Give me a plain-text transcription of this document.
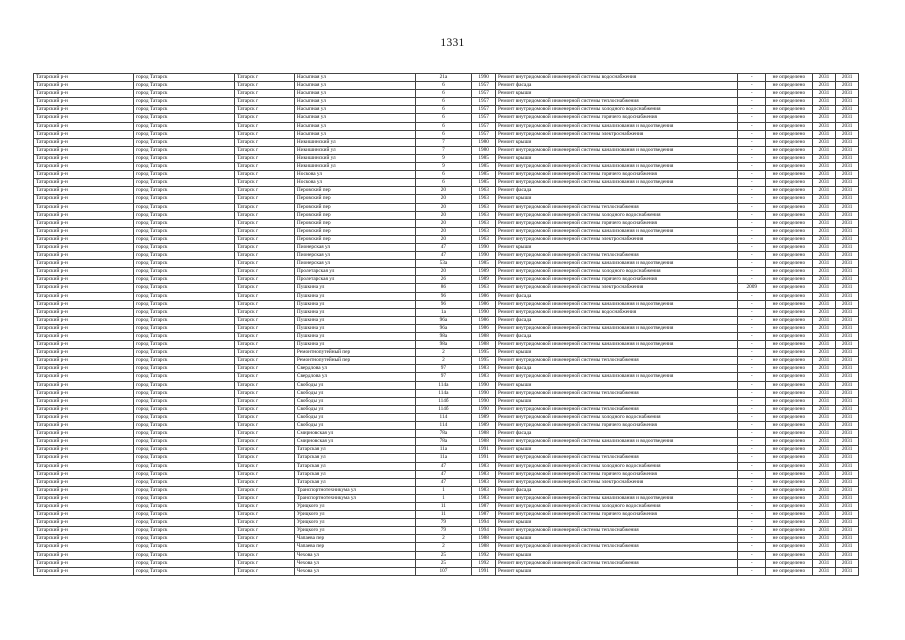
1331
Татарский р-н	город Татарск	Татарск г	Насыпная ул	21а	1990	Ремонт внутридомовой инженерной системы водоснабжения	-	не определено	2031	2031
Татарский р-н	город Татарск	Татарск г	Насыпная ул	6	1957	Ремонт фасада	-	не определено	2031	2031
Татарский р-н	город Татарск	Татарск г	Насыпная ул	6	1957	Ремонт крыши	-	не определено	2031	2031
Татарский р-н	город Татарск	Татарск г	Насыпная ул	6	1957	Ремонт внутридомовой инженерной системы теплоснабжения	-	не определено	2031	2031
Татарский р-н	город Татарск	Татарск г	Насыпная ул	6	1957	Ремонт внутридомовой инженерной системы холодного водоснабжения	-	не определено	2031	2031
Татарский р-н	город Татарск	Татарск г	Насыпная ул	6	1957	Ремонт внутридомовой инженерной системы горячего водоснабжения	-	не определено	2031	2031
Татарский р-н	город Татарск	Татарск г	Насыпная ул	6	1957	Ремонт внутридомовой инженерной системы канализования и водоотведения	-	не определено	2031	2031
Татарский р-н	город Татарск	Татарск г	Насыпная ул	6	1957	Ремонт внутридомовой инженерной системы электроснабжения	-	не определено	2031	2031
Татарский р-н	город Татарск	Татарск г	Никишинский ул	7	1980	Ремонт крыши	-	не определено	2031	2031
Татарский р-н	город Татарск	Татарск г	Никишинский ул	7	1980	Ремонт внутридомовой инженерной системы канализования и водоотведения	-	не определено	2031	2031
Татарский р-н	город Татарск	Татарск г	Никишинский ул	9	1985	Ремонт крыши	-	не определено	2031	2031
Татарский р-н	город Татарск	Татарск г	Никишинский ул	9	1985	Ремонт внутридомовой инженерной системы канализования и водоотведения	-	не определено	2031	2031
Татарский р-н	город Татарск	Татарск г	Носкова ул	6	1985	Ремонт внутридомовой инженерной системы горячего водоснабжения	-	не определено	2031	2031
Татарский р-н	город Татарск	Татарск г	Носкова ул	6	1985	Ремонт внутридомовой инженерной системы канализования и водоотведения	-	не определено	2031	2031
Татарский р-н	город Татарск	Татарск г	Перовский пер	20	1963	Ремонт фасада	-	не определено	2031	2031
Татарский р-н	город Татарск	Татарск г	Перовский пер	20	1963	Ремонт крыши	-	не определено	2031	2031
Татарский р-н	город Татарск	Татарск г	Перовский пер	20	1963	Ремонт внутридомовой инженерной системы теплоснабжения	-	не определено	2031	2031
Татарский р-н	город Татарск	Татарск г	Перовский пер	20	1963	Ремонт внутридомовой инженерной системы холодного водоснабжения	-	не определено	2031	2031
Татарский р-н	город Татарск	Татарск г	Перовский пер	20	1963	Ремонт внутридомовой инженерной системы горячего водоснабжения	-	не определено	2031	2031
Татарский р-н	город Татарск	Татарск г	Перовский пер	20	1963	Ремонт внутридомовой инженерной системы канализования и водоотведения	-	не определено	2031	2031
Татарский р-н	город Татарск	Татарск г	Перовский пер	20	1963	Ремонт внутридомовой инженерной системы электроснабжения	-	не определено	2031	2031
Татарский р-н	город Татарск	Татарск г	Пионерская ул	47	1990	Ремонт крыши	-	не определено	2031	2031
Татарский р-н	город Татарск	Татарск г	Пионерская ул	47	1990	Ремонт внутридомовой инженерной системы теплоснабжения	-	не определено	2031	2031
Татарский р-н	город Татарск	Татарск г	Пионерская ул	53а	1985	Ремонт внутридомовой инженерной системы канализования и водоотведения	-	не определено	2031	2031
Татарский р-н	город Татарск	Татарск г	Пролетарская ул	20	1989	Ремонт внутридомовой инженерной системы холодного водоснабжения	-	не определено	2031	2031
Татарский р-н	город Татарск	Татарск г	Пролетарская ул	26	1989	Ремонт внутридомовой инженерной системы горячего водоснабжения	-	не определено	2031	2031
Татарский р-н	город Татарск	Татарск г	Пушкина ул	86	1963	Ремонт внутридомовой инженерной системы электроснабжения	2009	не определено	2031	2031
Татарский р-н	город Татарск	Татарск г	Пушкина ул	96	1986	Ремонт фасада	-	не определено	2031	2031
Татарский р-н	город Татарск	Татарск г	Пушкина ул	96	1986	Ремонт внутридомовой инженерной системы канализования и водоотведения	-	не определено	2031	2031
Татарский р-н	город Татарск	Татарск г	Пушкина ул	1а	1990	Ремонт внутридомовой инженерной системы водоснабжения	-	не определено	2031	2031
Татарский р-н	город Татарск	Татарск г	Пушкина ул	96а	1986	Ремонт фасада	-	не определено	2031	2031
Татарский р-н	город Татарск	Татарск г	Пушкина ул	96а	1986	Ремонт внутридомовой инженерной системы канализования и водоотведения	-	не определено	2031	2031
Татарский р-н	город Татарск	Татарск г	Пушкина ул	98а	1988	Ремонт фасада	-	не определено	2031	2031
Татарский р-н	город Татарск	Татарск г	Пушкина ул	98а	1988	Ремонт внутридомовой инженерной системы канализования и водоотведения	-	не определено	2031	2031
Татарский р-н	город Татарск	Татарск г	Ремонтнопутейный пер	2	1995	Ремонт крыши	-	не определено	2031	2031
Татарский р-н	город Татарск	Татарск г	Ремонтнопутейный пер	2	1995	Ремонт внутридомовой инженерной системы теплоснабжения	-	не определено	2031	2031
Татарский р-н	город Татарск	Татарск г	Свердлова ул	97	1983	Ремонт фасада	-	не определено	2031	2031
Татарский р-н	город Татарск	Татарск г	Свердлова ул	97	1983	Ремонт внутридомовой инженерной системы канализования и водоотведения	-	не определено	2031	2031
Татарский р-н	город Татарск	Татарск г	Свободы ул	114а	1990	Ремонт крыши	-	не определено	2031	2031
Татарский р-н	город Татарск	Татарск г	Свободы ул	114а	1990	Ремонт внутридомовой инженерной системы теплоснабжения	-	не определено	2031	2031
Татарский р-н	город Татарск	Татарск г	Свободы ул	114б	1990	Ремонт крыши	-	не определено	2031	2031
Татарский р-н	город Татарск	Татарск г	Свободы ул	114б	1990	Ремонт внутридомовой инженерной системы теплоснабжения	-	не определено	2031	2031
Татарский р-н	город Татарск	Татарск г	Свободы ул	114	1989	Ремонт внутридомовой инженерной системы холодного водоснабжения	-	не определено	2031	2031
Татарский р-н	город Татарск	Татарск г	Свободы ул	114	1989	Ремонт внутридомовой инженерной системы горячего водоснабжения	-	не определено	2031	2031
Татарский р-н	город Татарск	Татарск г	Смирновская ул	78а	1988	Ремонт фасада	-	не определено	2031	2031
Татарский р-н	город Татарск	Татарск г	Смирновская ул	78а	1988	Ремонт внутридомовой инженерной системы канализования и водоотведения	-	не определено	2031	2031
Татарский р-н	город Татарск	Татарск г	Татарская ул	11а	1991	Ремонт крыши	-	не определено	2031	2031
Татарский р-н	город Татарск	Татарск г	Татарская ул	11а	1991	Ремонт внутридомовой инженерной системы теплоснабжения	-	не определено	2031	2031
Татарский р-н	город Татарск	Татарск г	Татарская ул	47	1983	Ремонт внутридомовой инженерной системы холодного водоснабжения	-	не определено	2031	2031
Татарский р-н	город Татарск	Татарск г	Татарская ул	47	1983	Ремонт внутридомовой инженерной системы горячего водоснабжения	-	не определено	2031	2031
Татарский р-н	город Татарск	Татарск г	Татарская ул	47	1983	Ремонт внутридомовой инженерной системы электроснабжения	-	не определено	2031	2031
Татарский р-н	город Татарск	Татарск г	Транспортнотехникума ул	1	1983	Ремонт фасада	-	не определено	2031	2031
Татарский р-н	город Татарск	Татарск г	Транспортнотехникума ул	1	1983	Ремонт внутридомовой инженерной системы канализования и водоотведения	-	не определено	2031	2031
Татарский р-н	город Татарск	Татарск г	Урицкого ул	11	1987	Ремонт внутридомовой инженерной системы холодного водоснабжения	-	не определено	2031	2031
Татарский р-н	город Татарск	Татарск г	Урицкого ул	11	1987	Ремонт внутридомовой инженерной системы горячего водоснабжения	-	не определено	2031	2031
Татарский р-н	город Татарск	Татарск г	Урицкого ул	79	1994	Ремонт крыши	-	не определено	2031	2031
Татарский р-н	город Татарск	Татарск г	Урицкого ул	79	1994	Ремонт внутридомовой инженерной системы теплоснабжения	-	не определено	2031	2031
Татарский р-н	город Татарск	Татарск г	Чапаева пер	2	1988	Ремонт крыши	-	не определено	2031	2031
Татарский р-н	город Татарск	Татарск г	Чапаева пер	2	1988	Ремонт внутридомовой инженерной системы теплоснабжения	-	не определено	2031	2031
Татарский р-н	город Татарск	Татарск г	Чехова ул	25	1992	Ремонт крыши	-	не определено	2031	2031
Татарский р-н	город Татарск	Татарск г	Чехова ул	25	1992	Ремонт внутридомовой инженерной системы теплоснабжения	-	не определено	2031	2031
Татарский р-н	город Татарск	Татарск г	Чехова ул	107	1991	Ремонт крыши	-	не определено	2031	2031
